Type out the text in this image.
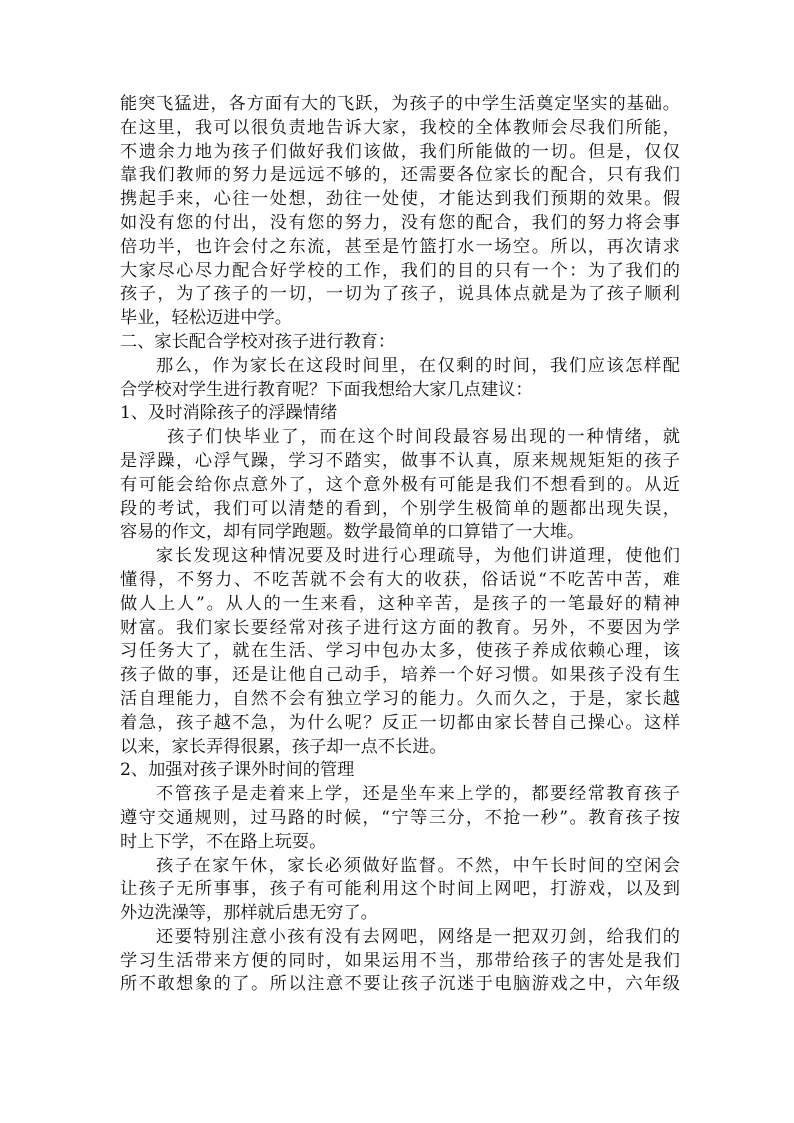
能突飞猛进，各方面有大的飞跃，为孩子的中学生活奠定坚实的基础。
在这里，我可以很负责地告诉大家，我校的全体教师会尽我们所能，
不遗余力地为孩子们做好我们该做，我们所能做的一切。但是，仅仅
靠我们教师的努力是远远不够的，还需要各位家长的配合，只有我们
携起手来，心往一处想，劲往一处使，才能达到我们预期的效果。假
如没有您的付出，没有您的努力，没有您的配合，我们的努力将会事
倍功半，也许会付之东流，甚至是竹篮打水一场空。所以，再次请求
大家尽心尽力配合好学校的工作，我们的目的只有一个：为了我们的
孩子，为了孩子的一切，一切为了孩子，说具体点就是为了孩子顺利
毕业，轻松迈进中学。
二、家长配合学校对孩子进行教育：
那么，作为家长在这段时间里，在仅剩的时间，我们应该怎样配
合学校对学生进行教育呢？下面我想给大家几点建议：
1、及时消除孩子的浮躁情绪
孩子们快毕业了，而在这个时间段最容易出现的一种情绪，就
是浮躁，心浮气躁，学习不踏实，做事不认真，原来规规矩矩的孩子
有可能会给你点意外了，这个意外极有可能是我们不想看到的。从近
段的考试，我们可以清楚的看到，个别学生极简单的题都出现失误，
容易的作文，却有同学跑题。数学最简单的口算错了一大堆。
家长发现这种情况要及时进行心理疏导，为他们讲道理，使他们
懂得，不努力、不吃苦就不会有大的收获，俗话说“不吃苦中苦，难
做人上人”。从人的一生来看，这种辛苦，是孩子的一笔最好的精神
财富。我们家长要经常对孩子进行这方面的教育。另外，不要因为学
习任务大了，就在生活、学习中包办太多，使孩子养成依赖心理，该
孩子做的事，还是让他自己动手，培养一个好习惯。如果孩子没有生
活自理能力，自然不会有独立学习的能力。久而久之，于是，家长越
着急，孩子越不急，为什么呢？反正一切都由家长替自己操心。这样
以来，家长弄得很累，孩子却一点不长进。
2、加强对孩子课外时间的管理
不管孩子是走着来上学，还是坐车来上学的，都要经常教育孩子
遵守交通规则，过马路的时候，“宁等三分，不抢一秒”。教育孩子按
时上下学，不在路上玩耍。
孩子在家午休，家长必须做好监督。不然，中午长时间的空闲会
让孩子无所事事，孩子有可能利用这个时间上网吧，打游戏，以及到
外边洗澡等，那样就后患无穷了。
还要特别注意小孩有没有去网吧，网络是一把双刃剑，给我们的
学习生活带来方便的同时，如果运用不当，那带给孩子的害处是我们
所不敢想象的了。所以注意不要让孩子沉迷于电脑游戏之中，六年级
